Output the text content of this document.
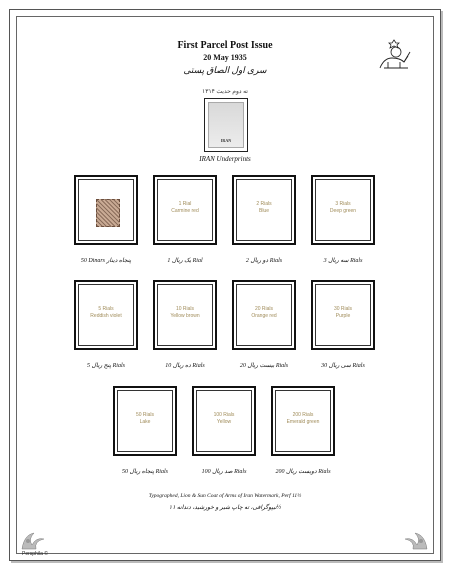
First Parcel Post Issue
20 May 1935
سری اول الصاق پستی
ته دوم حدیث ۱۳۱۴
IRAN
IRAN Underprints
50 Dinars پنجاه دینار
1 Rial
Carmine red
یک ریال 1 Rial
2 Rials
Blue
دو ریال 2 Rials
3 Rials
Deep green
سه ریال 3 Rials
5 Rials
Reddish violet
پنج ریال 5 Rials
10 Rials
Yellow brown
ده ریال 10 Rials
20 Rials
Orange red
بیست ریال 20 Rials
30 Rials
Purple
سی ریال 30 Rials
50 Rials
Lake
پنجاه ریال 50 Rials
100 Rials
Yellow
صد ریال 100 Rials
200 Rials
Emerald green
دویست ریال 200 Rials
Typographed, Lion & Sun Coat of Arms of Iran Watermark, Perf 11½
تیپوگرافی، ته چاپ شیر و خورشید، دندانه ۱۱½
Persphila ©
